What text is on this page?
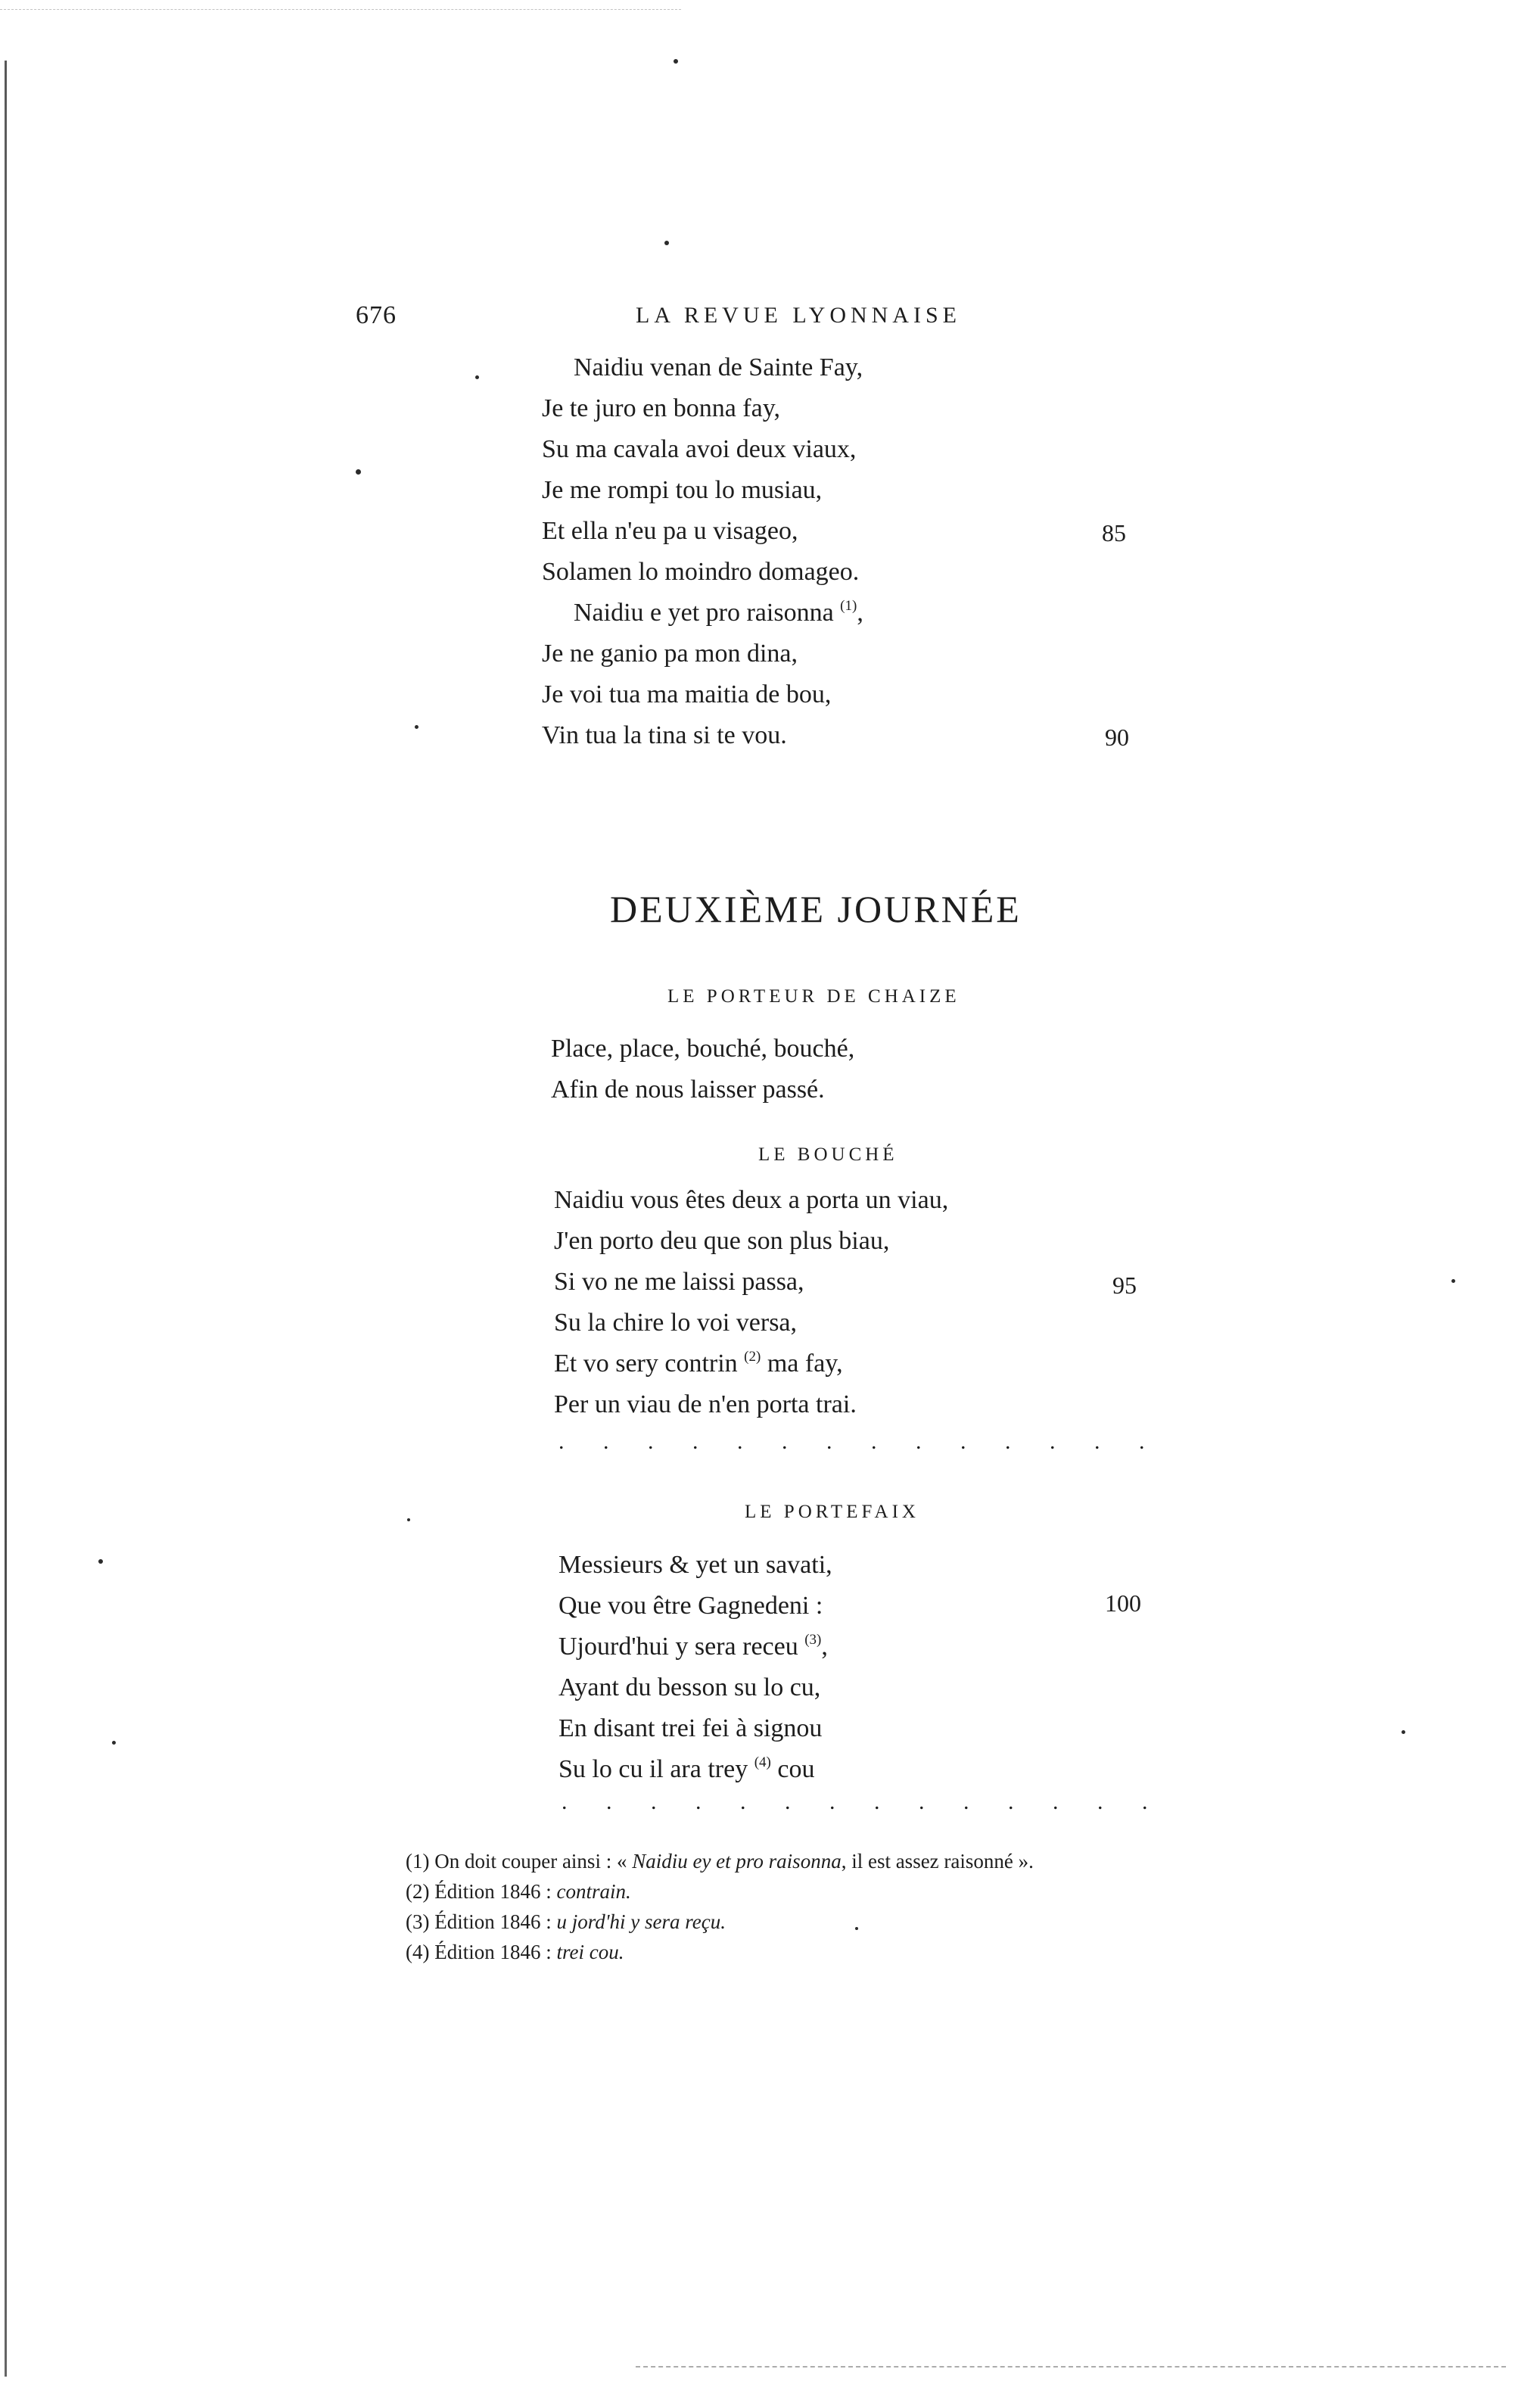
676	LA REVUE LYONNAISE
Naidiu venan de Sainte Fay,
Je te juro en bonna fay,
Su ma cavala avoi deux viaux,
Je me rompi tou lo musiau,
Et ella n'eu pa u visageo,
Solamen lo moindro domageo.
Naidiu e yet pro raisonna $^{(1)}$,
Je ne ganio pa mon dina,
Je voi tua ma maitia de bou,
Vin tua la tina si te vou.
85
90
DEUXIÈME JOURNÉE
LE PORTEUR DE CHAIZE
Place, place, bouché, bouché,
Afin de nous laisser passé.
LE BOUCHÉ
Naidiu vous êtes deux a porta un viau,
J'en porto deu que son plus biau,
Si vo ne me laissi passa,
Su la chire lo voi versa,
Et vo sery contrin $^{(2)}$ ma fay,
Per un viau de n'en porta trai.
95
. . . . . . . . . . . . . .
LE PORTEFAIX
Messieurs & yet un savati,
Que vou être Gagnedeni :
Ujourd'hui y sera receu $^{(3)}$,
Ayant du besson su lo cu,
En disant trei fei à signou
Su lo cu il ara trey $^{(4)}$ cou
100
. . . . . . . . . . . . . .
(1) On doit couper ainsi : « Naidiu ey et pro raisonna, il est assez raisonné ».
(2) Édition 1846 : contrain.
(3) Édition 1846 : u jord'hi y sera reçu.
(4) Édition 1846 : trei cou.
